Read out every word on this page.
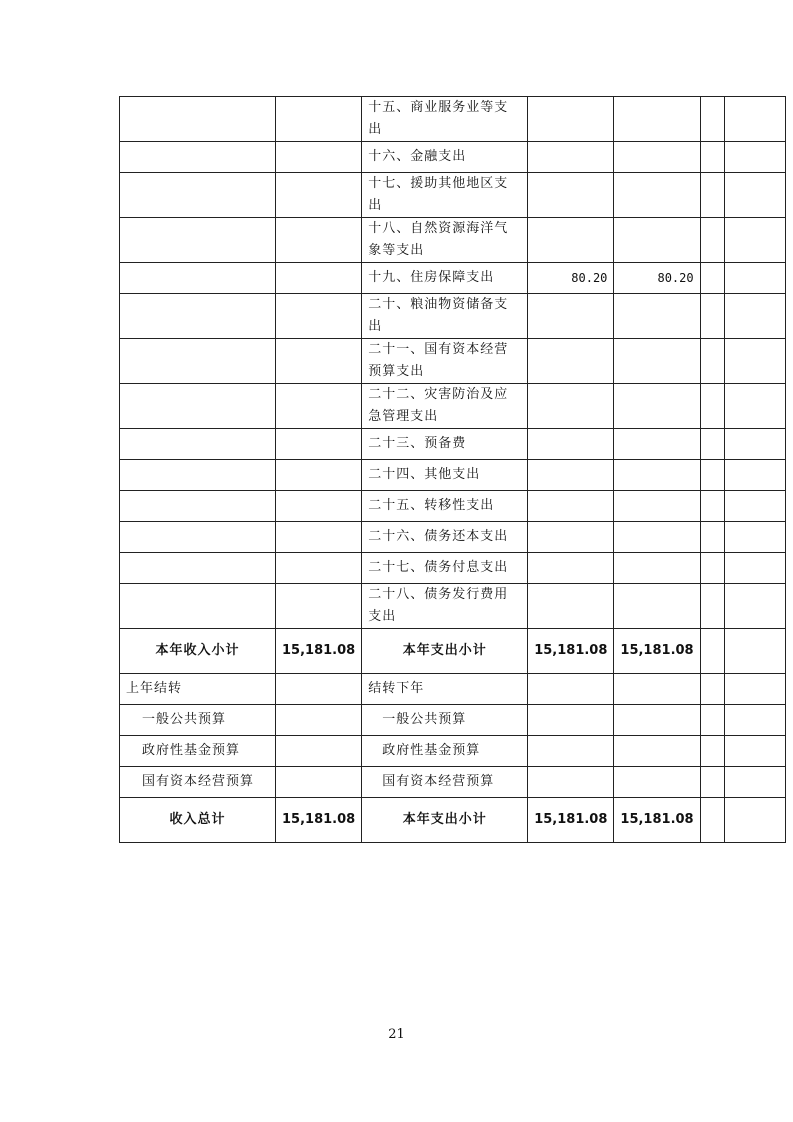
		十五、商业服务业等支出				
		十六、金融支出				
		十七、援助其他地区支出				
		十八、自然资源海洋气象等支出				
		十九、住房保障支出	80.20	80.20		
		二十、粮油物资储备支出				
		二十一、国有资本经营预算支出				
		二十二、灾害防治及应急管理支出				
		二十三、预备费				
		二十四、其他支出				
		二十五、转移性支出				
		二十六、债务还本支出				
		二十七、债务付息支出				
		二十八、债务发行费用支出				
本年收入小计	15,181.08	本年支出小计	15,181.08	15,181.08		
上年结转		结转下年				
一般公共预算		一般公共预算				
政府性基金预算		政府性基金预算				
国有资本经营预算		国有资本经营预算				
收入总计	15,181.08	本年支出小计	15,181.08	15,181.08		
21
